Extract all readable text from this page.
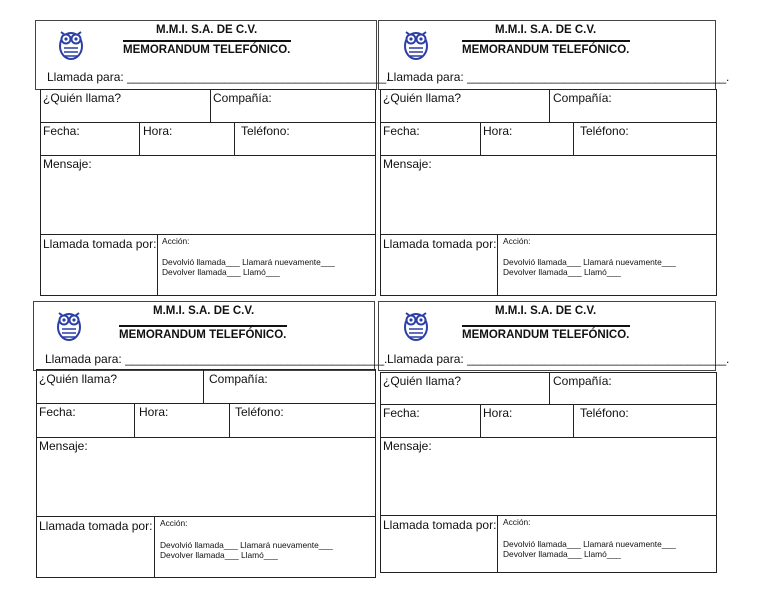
M.M.I. S.A. DE C.V.
MEMORANDUM TELEFÓNICO.
Llamada para: ________________________________________.
¿Quién llama?	Compañía:
Fecha:	Hora:	Teléfono:
Mensaje:
Llamada tomada por: Acción:
Devolvió llamada___ Llamará nuevamente___
Devolver llamada___ Llamó___
M.M.I. S.A. DE C.V.
MEMORANDUM TELEFÓNICO.
Llamada para: ________________________________________.
¿Quién llama?	Compañía:
Fecha:	Hora:	Teléfono:
Mensaje:
Llamada tomada por: Acción:
Devolvió llamada___ Llamará nuevamente___
Devolver llamada___ Llamó___
M.M.I. S.A. DE C.V.
MEMORANDUM TELEFÓNICO.
Llamada para: ________________________________________.
¿Quién llama?	Compañía:
Fecha:	Hora:	Teléfono:
Mensaje:
Llamada tomada por: Acción:
Devolvió llamada___ Llamará nuevamente___
Devolver llamada___ Llamó___
M.M.I. S.A. DE C.V.
MEMORANDUM TELEFÓNICO.
Llamada para: ________________________________________.
¿Quién llama?	Compañía:
Fecha:	Hora:	Teléfono:
Mensaje:
Llamada tomada por: Acción:
Devolvió llamada___ Llamará nuevamente___
Devolver llamada___ Llamó___
